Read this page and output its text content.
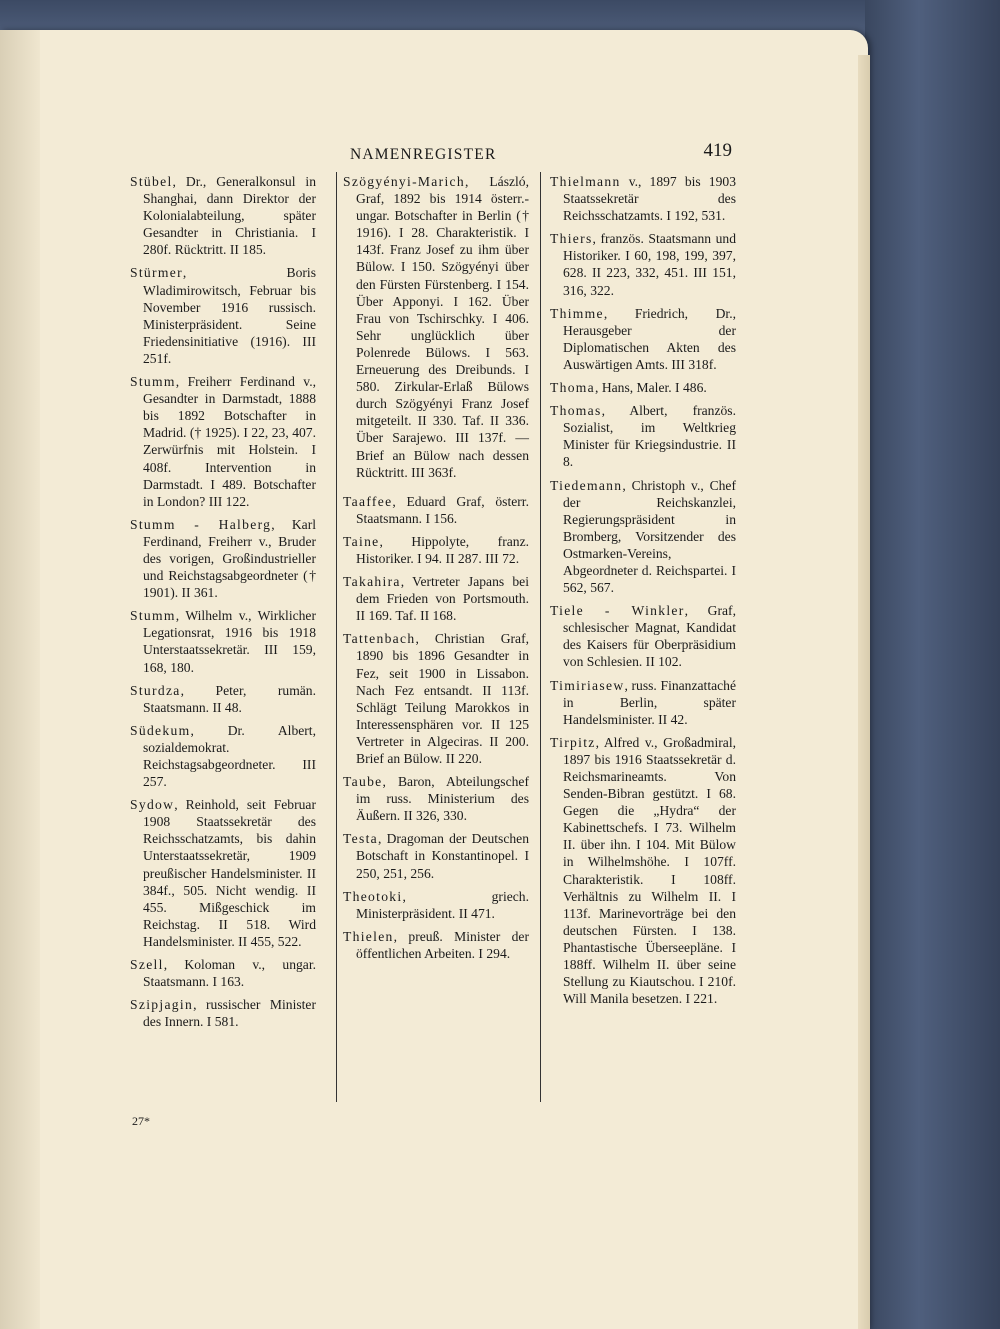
NAMENREGISTER	419

Stübel, Dr., Generalkonsul in Shanghai, dann Direktor der Kolonialabteilung, später Gesandter in Christiania. I 280f. Rücktritt. II 185.

Stürmer, Boris Wladimirowitsch, Februar bis November 1916 russisch. Ministerpräsident. Seine Friedensinitiative (1916). III 251f.

Stumm, Freiherr Ferdinand v., Gesandter in Darmstadt, 1888 bis 1892 Botschafter in Madrid. († 1925). I 22, 23, 407. Zerwürfnis mit Holstein. I 408f. Intervention in Darmstadt. I 489. Botschafter in London? III 122.

Stumm - Halberg, Karl Ferdinand, Freiherr v., Bruder des vorigen, Großindustrieller und Reichstagsabgeordneter († 1901). II 361.

Stumm, Wilhelm v., Wirklicher Legationsrat, 1916 bis 1918 Unterstaatssekretär. III 159, 168, 180.

Sturdza, Peter, rumän. Staatsmann. II 48.

Südekum, Dr. Albert, sozialdemokrat. Reichstagsabgeordneter. III 257.

Sydow, Reinhold, seit Februar 1908 Staatssekretär des Reichsschatzamts, bis dahin Unterstaatssekretär, 1909 preußischer Handelsminister. II 384f., 505. Nicht wendig. II 455. Mißgeschick im Reichstag. II 518. Wird Handelsminister. II 455, 522.

Szell, Koloman v., ungar. Staatsmann. I 163.

Szipjagin, russischer Minister des Innern. I 581.

Szögyényi-Marich, László, Graf, 1892 bis 1914 österr.-ungar. Botschafter in Berlin († 1916). I 28. Charakteristik. I 143f. Franz Josef zu ihm über Bülow. I 150. Szögyényi über den Fürsten Fürstenberg. I 154. Über Apponyi. I 162. Über Frau von Tschirschky. I 406. Sehr unglücklich über Polenrede Bülows. I 563. Erneuerung des Dreibunds. I 580. Zirkular-Erlaß Bülows durch Szögyényi Franz Josef mitgeteilt. II 330. Taf. II 336. Über Sarajewo. III 137f. — Brief an Bülow nach dessen Rücktritt. III 363f.

Taaffee, Eduard Graf, österr. Staatsmann. I 156.

Taine, Hippolyte, franz. Historiker. I 94. II 287. III 72.

Takahira, Vertreter Japans bei dem Frieden von Portsmouth. II 169. Taf. II 168.

Tattenbach, Christian Graf, 1890 bis 1896 Gesandter in Fez, seit 1900 in Lissabon. Nach Fez entsandt. II 113f. Schlägt Teilung Marokkos in Interessensphären vor. II 125 Vertreter in Algeciras. II 200. Brief an Bülow. II 220.

Taube, Baron, Abteilungschef im russ. Ministerium des Äußern. II 326, 330.

Testa, Dragoman der Deutschen Botschaft in Konstantinopel. I 250, 251, 256.

Theotoki, griech. Ministerpräsident. II 471.

Thielen, preuß. Minister der öffentlichen Arbeiten. I 294.

Thielmann v., 1897 bis 1903 Staatssekretär des Reichsschatzamts. I 192, 531.

Thiers, französ. Staatsmann und Historiker. I 60, 198, 199, 397, 628. II 223, 332, 451. III 151, 316, 322.

Thimme, Friedrich, Dr., Herausgeber der Diplomatischen Akten des Auswärtigen Amts. III 318f.

Thoma, Hans, Maler. I 486.

Thomas, Albert, französ. Sozialist, im Weltkrieg Minister für Kriegsindustrie. II 8.

Tiedemann, Christoph v., Chef der Reichskanzlei, Regierungspräsident in Bromberg, Vorsitzender des Ostmarken-Vereins, Abgeordneter d. Reichspartei. I 562, 567.

Tiele - Winkler, Graf, schlesischer Magnat, Kandidat des Kaisers für Oberpräsidium von Schlesien. II 102.

Timiriasew, russ. Finanzattaché in Berlin, später Handelsminister. II 42.

Tirpitz, Alfred v., Großadmiral, 1897 bis 1916 Staatssekretär d. Reichsmarineamts. Von Senden-Bibran gestützt. I 68. Gegen die „Hydra“ der Kabinettschefs. I 73. Wilhelm II. über ihn. I 104. Mit Bülow in Wilhelmshöhe. I 107ff. Charakteristik. I 108ff. Verhältnis zu Wilhelm II. I 113f. Marinevorträge bei den deutschen Fürsten. I 138. Phantastische Überseepläne. I 188ff. Wilhelm II. über seine Stellung zu Kiautschou. I 210f. Will Manila besetzen. I 221.

27*
